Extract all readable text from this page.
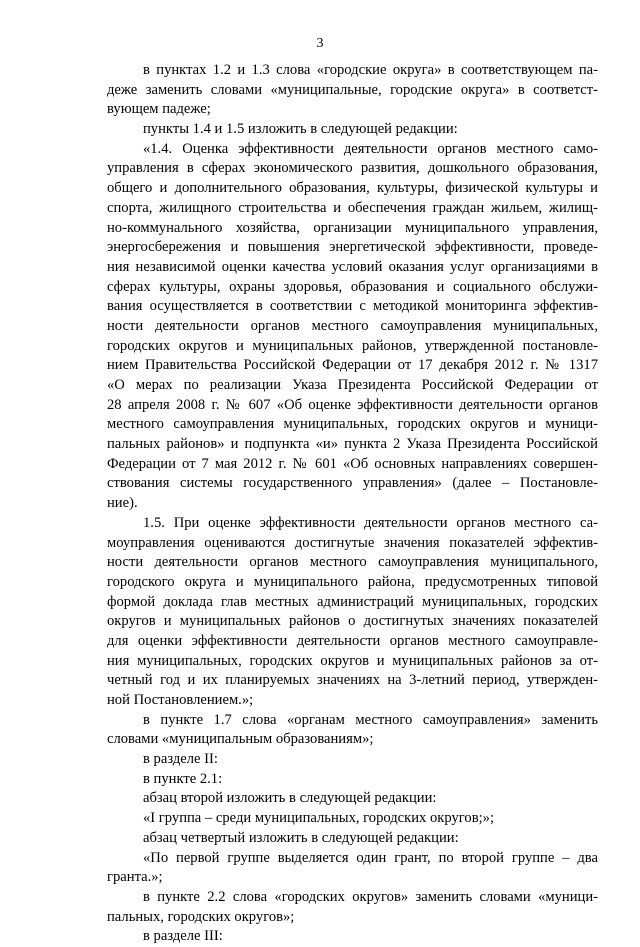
3
в пунктах 1.2 и 1.3 слова «городские округа» в соответствующем па-
деже заменить словами «муниципальные, городские округа» в соответст-
вующем падеже;
пункты 1.4 и 1.5 изложить в следующей редакции:
«1.4. Оценка эффективности деятельности органов местного само-
управления в сферах экономического развития, дошкольного образования,
общего и дополнительного образования, культуры, физической культуры и
спорта, жилищного строительства и обеспечения граждан жильем, жилищ-
но-коммунального хозяйства, организации муниципального управления,
энергосбережения и повышения энергетической эффективности, проведе-
ния независимой оценки качества условий оказания услуг организациями в
сферах культуры, охраны здоровья, образования и социального обслужи-
вания осуществляется в соответствии с методикой мониторинга эффектив-
ности деятельности органов местного самоуправления муниципальных,
городских округов и муниципальных районов, утвержденной постановле-
нием Правительства Российской Федерации от 17 декабря 2012 г. № 1317
«О мерах по реализации Указа Президента Российской Федерации от
28 апреля 2008 г. № 607 «Об оценке эффективности деятельности органов
местного самоуправления муниципальных, городских округов и муници-
пальных районов» и подпункта «и» пункта 2 Указа Президента Российской
Федерации от 7 мая 2012 г. № 601 «Об основных направлениях совершен-
ствования системы государственного управления» (далее – Постановле-
ние).
1.5. При оценке эффективности деятельности органов местного са-
моуправления оцениваются достигнутые значения показателей эффектив-
ности деятельности органов местного самоуправления муниципального,
городского округа и муниципального района, предусмотренных типовой
формой доклада глав местных администраций муниципальных, городских
округов и муниципальных районов о достигнутых значениях показателей
для оценки эффективности деятельности органов местного самоуправле-
ния муниципальных, городских округов и муниципальных районов за от-
четный год и их планируемых значениях на 3-летний период, утвержден-
ной Постановлением.»;
в пункте 1.7 слова «органам местного самоуправления» заменить
словами «муниципальным образованиям»;
в разделе II:
в пункте 2.1:
абзац второй изложить в следующей редакции:
«I группа – среди муниципальных, городских округов;»;
абзац четвертый изложить в следующей редакции:
«По первой группе выделяется один грант, по второй группе – два
гранта.»;
в пункте 2.2 слова «городских округов» заменить словами «муници-
пальных, городских округов»;
в разделе III:
